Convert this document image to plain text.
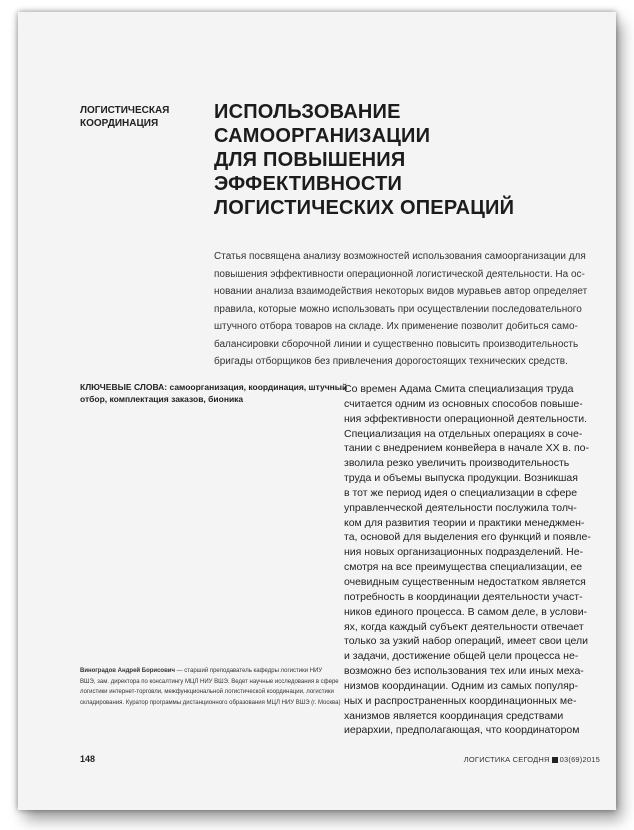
ЛОГИСТИЧЕСКАЯ
КООРДИНАЦИЯ
ИСПОЛЬЗОВАНИЕ САМООРГАНИЗАЦИИ
ДЛЯ ПОВЫШЕНИЯ ЭФФЕКТИВНОСТИ
ЛОГИСТИЧЕСКИХ ОПЕРАЦИЙ
Статья посвящена анализу возможностей использования самоорганизации для
повышения эффективности операционной логистической деятельности. На ос-
новании анализа взаимодействия некоторых видов муравьев автор определяет
правила, которые можно использовать при осуществлении последовательного
штучного отбора товаров на складе. Их применение позволит добиться само-
балансировки сборочной линии и существенно повысить производительность
бригады отборщиков без привлечения дорогостоящих технических средств.
КЛЮЧЕВЫЕ СЛОВА: самоорганизация, координация, штучный
отбор, комплектация заказов, бионика
Со времен Адама Смита специализация труда
считается одним из основных способов повыше-
ния эффективности операционной деятельности.
Специализация на отдельных операциях в соче-
тании с внедрением конвейера в начале XX в. по-
зволила резко увеличить производительность
труда и объемы выпуска продукции. Возникшая
в тот же период идея о специализации в сфере
управленческой деятельности послужила толч-
ком для развития теории и практики менеджмен-
та, основой для выделения его функций и появле-
ния новых организационных подразделений. Не-
смотря на все преимущества специализации, ее
очевидным существенным недостатком является
потребность в координации деятельности участ-
ников единого процесса. В самом деле, в услови-
ях, когда каждый субъект деятельности отвечает
только за узкий набор операций, имеет свои цели
и задачи, достижение общей цели процесса не-
возможно без использования тех или иных меха-
низмов координации. Одним из самых популяр-
ных и распространенных координационных ме-
ханизмов является координация средствами
иерархии, предполагающая, что координатором
Виноградов Андрей Борисович — старший преподаватель кафедры логистики НИУ
ВШЭ, зам. директора по консалтингу МЦЛ НИУ ВШЭ. Ведет научные исследования в сфере
логистики интернет-торговли, межфункциональной логистической координации, логистики
складирования. Куратор программы дистанционного образования МЦЛ НИУ ВШЭ (г. Москва)
148	ЛОГИСТИКА СЕГОДНЯ 03(69)2015
